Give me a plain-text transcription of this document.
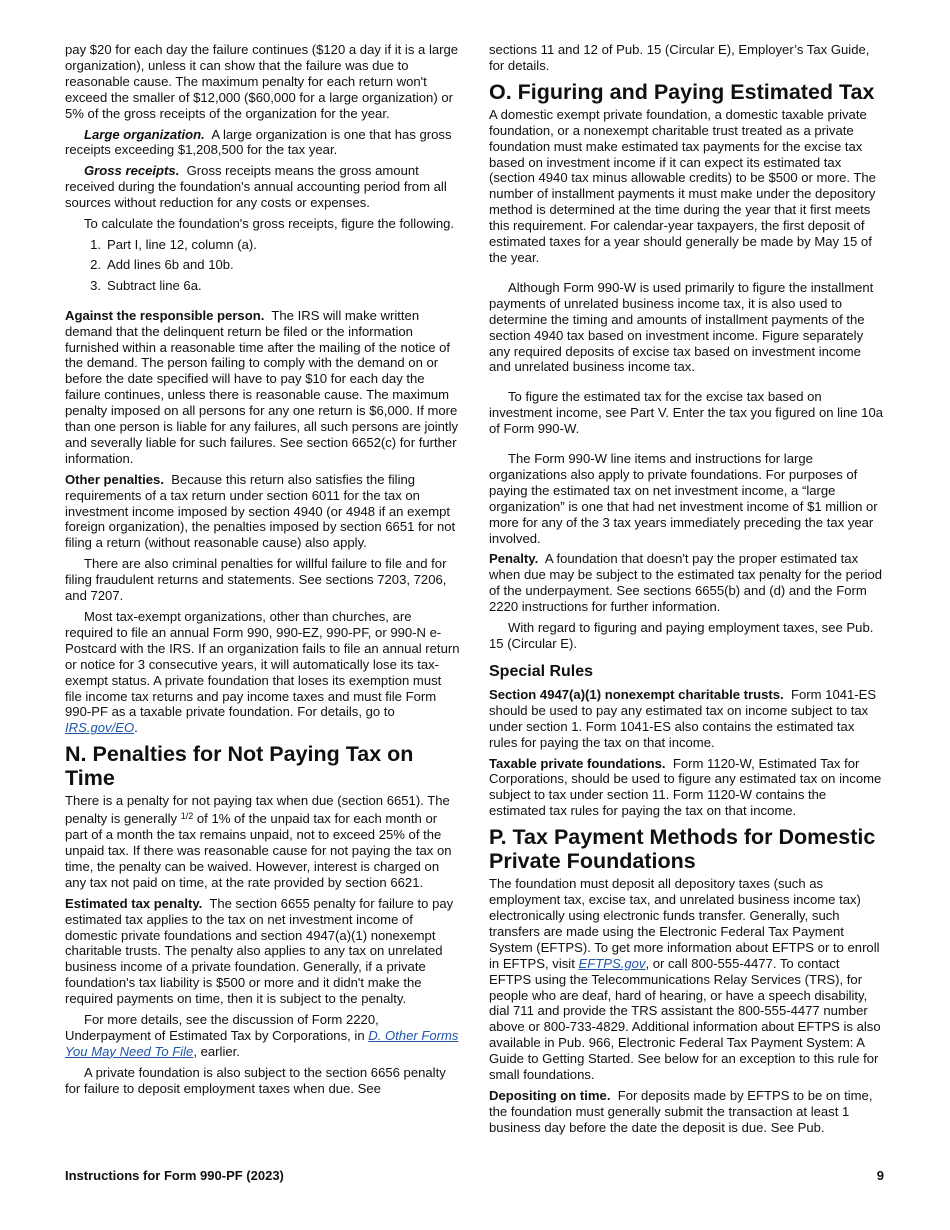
pay $20 for each day the failure continues ($120 a day if it is a large organization), unless it can show that the failure was due to reasonable cause. The maximum penalty for each return won't exceed the smaller of $12,000 ($60,000 for a large organization) or 5% of the gross receipts of the organization for the year.

Large organization. A large organization is one that has gross receipts exceeding $1,208,500 for the tax year.

Gross receipts. Gross receipts means the gross amount received during the foundation's annual accounting period from all sources without reduction for any costs or expenses.

To calculate the foundation's gross receipts, figure the following.

1. Part I, line 12, column (a).
2. Add lines 6b and 10b.
3. Subtract line 6a.

Against the responsible person. The IRS will make written demand that the delinquent return be filed or the information furnished within a reasonable time after the mailing of the notice of the demand. The person failing to comply with the demand on or before the date specified will have to pay $10 for each day the failure continues, unless there is reasonable cause. The maximum penalty imposed on all persons for any one return is $6,000. If more than one person is liable for any failures, all such persons are jointly and severally liable for such failures. See section 6652(c) for further information.

Other penalties. Because this return also satisfies the filing requirements of a tax return under section 6011 for the tax on investment income imposed by section 4940 (or 4948 if an exempt foreign organization), the penalties imposed by section 6651 for not filing a return (without reasonable cause) also apply.

There are also criminal penalties for willful failure to file and for filing fraudulent returns and statements. See sections 7203, 7206, and 7207.

Most tax-exempt organizations, other than churches, are required to file an annual Form 990, 990-EZ, 990-PF, or 990-N e-Postcard with the IRS. If an organization fails to file an annual return or notice for 3 consecutive years, it will automatically lose its tax-exempt status. A private foundation that loses its exemption must file income tax returns and pay income taxes and must file Form 990-PF as a taxable private foundation. For details, go to IRS.gov/EO.

N. Penalties for Not Paying Tax on Time

There is a penalty for not paying tax when due (section 6651). The penalty is generally $^{1/2}$ of 1% of the unpaid tax for each month or part of a month the tax remains unpaid, not to exceed 25% of the unpaid tax. If there was reasonable cause for not paying the tax on time, the penalty can be waived. However, interest is charged on any tax not paid on time, at the rate provided by section 6621.

Estimated tax penalty. The section 6655 penalty for failure to pay estimated tax applies to the tax on net investment income of domestic private foundations and section 4947(a)(1) nonexempt charitable trusts. The penalty also applies to any tax on unrelated business income of a private foundation. Generally, if a private foundation's tax liability is $500 or more and it didn't make the required payments on time, then it is subject to the penalty.

For more details, see the discussion of Form 2220, Underpayment of Estimated Tax by Corporations, in D. Other Forms You May Need To File, earlier.

A private foundation is also subject to the section 6656 penalty for failure to deposit employment taxes when due. See

sections 11 and 12 of Pub. 15 (Circular E), Employer’s Tax Guide, for details.

O. Figuring and Paying Estimated Tax

A domestic exempt private foundation, a domestic taxable private foundation, or a nonexempt charitable trust treated as a private foundation must make estimated tax payments for the excise tax based on investment income if it can expect its estimated tax (section 4940 tax minus allowable credits) to be $500 or more. The number of installment payments it must make under the depository method is determined at the time during the year that it first meets this requirement. For calendar-year taxpayers, the first deposit of estimated taxes for a year should generally be made by May 15 of the year.

Although Form 990-W is used primarily to figure the installment payments of unrelated business income tax, it is also used to determine the timing and amounts of installment payments of the section 4940 tax based on investment income. Figure separately any required deposits of excise tax based on investment income and unrelated business income tax.

To figure the estimated tax for the excise tax based on investment income, see Part V. Enter the tax you figured on line 10a of Form 990-W.

The Form 990-W line items and instructions for large organizations also apply to private foundations. For purposes of paying the estimated tax on net investment income, a “large organization” is one that had net investment income of $1 million or more for any of the 3 tax years immediately preceding the tax year involved.

Penalty. A foundation that doesn't pay the proper estimated tax when due may be subject to the estimated tax penalty for the period of the underpayment. See sections 6655(b) and (d) and the Form 2220 instructions for further information.

With regard to figuring and paying employment taxes, see Pub. 15 (Circular E).

Special Rules

Section 4947(a)(1) nonexempt charitable trusts. Form 1041-ES should be used to pay any estimated tax on income subject to tax under section 1. Form 1041-ES also contains the estimated tax rules for paying the tax on that income.

Taxable private foundations. Form 1120-W, Estimated Tax for Corporations, should be used to figure any estimated tax on income subject to tax under section 11. Form 1120-W contains the estimated tax rules for paying the tax on that income.

P. Tax Payment Methods for Domestic Private Foundations

The foundation must deposit all depository taxes (such as employment tax, excise tax, and unrelated business income tax) electronically using electronic funds transfer. Generally, such transfers are made using the Electronic Federal Tax Payment System (EFTPS). To get more information about EFTPS or to enroll in EFTPS, visit EFTPS.gov, or call 800-555-4477. To contact EFTPS using the Telecommunications Relay Services (TRS), for people who are deaf, hard of hearing, or have a speech disability, dial 711 and provide the TRS assistant the 800-555-4477 number above or 800-733-4829. Additional information about EFTPS is also available in Pub. 966, Electronic Federal Tax Payment System: A Guide to Getting Started. See below for an exception to this rule for small foundations.

Depositing on time. For deposits made by EFTPS to be on time, the foundation must generally submit the transaction at least 1 business day before the date the deposit is due. See Pub.

Instructions for Form 990-PF (2023)	9
